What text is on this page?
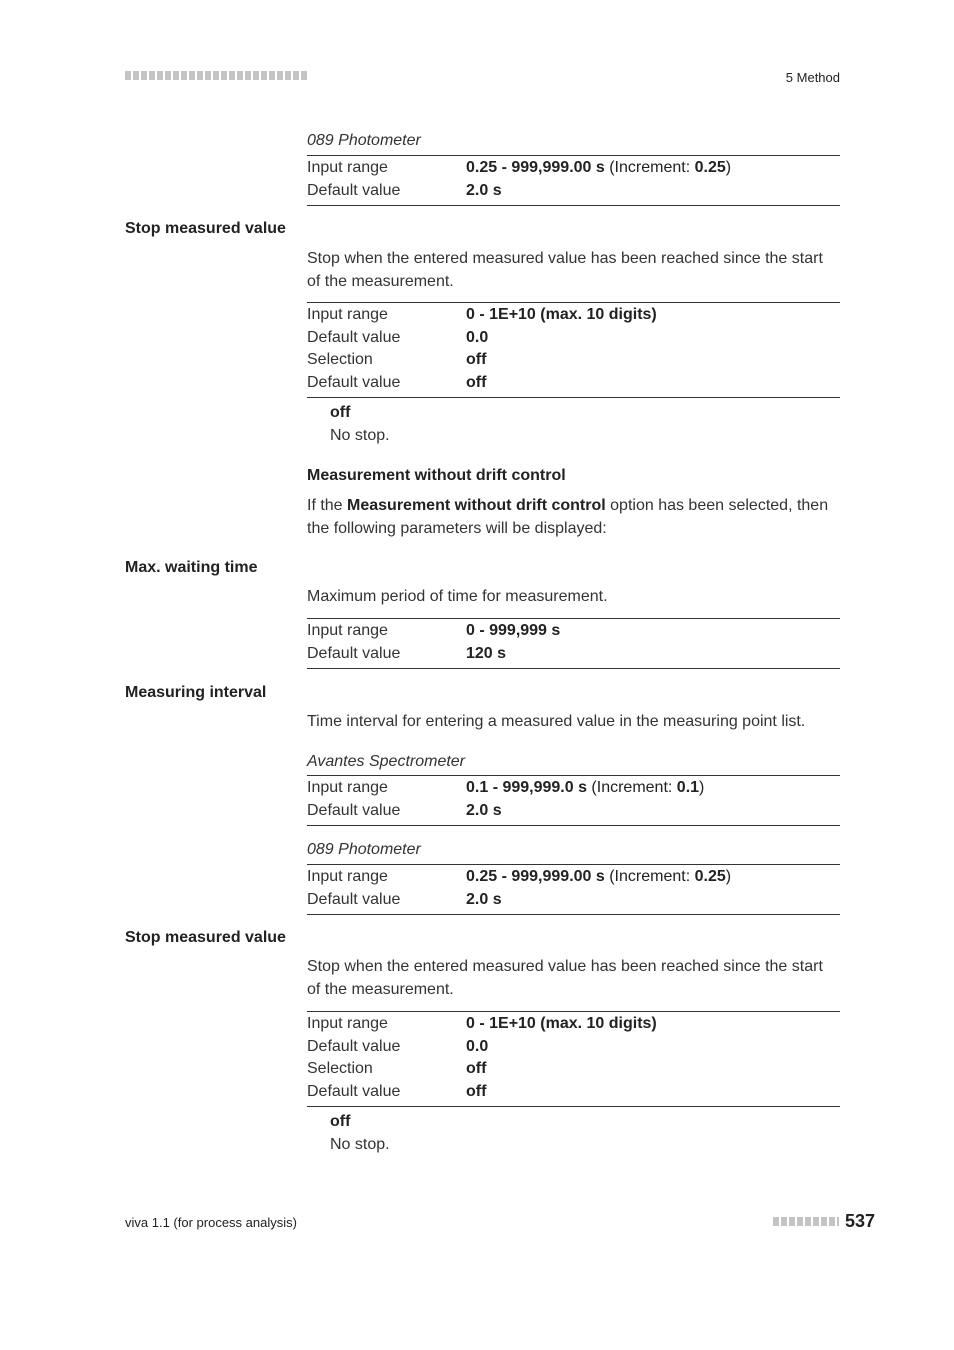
5 Method
089 Photometer
Input range	0.25 - 999,999.00 s (Increment: 0.25)
Default value	2.0 s
Stop measured value
Stop when the entered measured value has been reached since the start of the measurement.
Input range	0 - 1E+10 (max. 10 digits)
Default value	0.0
Selection	off
Default value	off
off
No stop.
Measurement without drift control
If the Measurement without drift control option has been selected, then the following parameters will be displayed:
Max. waiting time
Maximum period of time for measurement.
Input range	0 - 999,999 s
Default value	120 s
Measuring interval
Time interval for entering a measured value in the measuring point list.
Avantes Spectrometer
Input range	0.1 - 999,999.0 s (Increment: 0.1)
Default value	2.0 s
089 Photometer
Input range	0.25 - 999,999.00 s (Increment: 0.25)
Default value	2.0 s
Stop measured value
Stop when the entered measured value has been reached since the start of the measurement.
Input range	0 - 1E+10 (max. 10 digits)
Default value	0.0
Selection	off
Default value	off
off
No stop.
viva 1.1 (for process analysis)	537
